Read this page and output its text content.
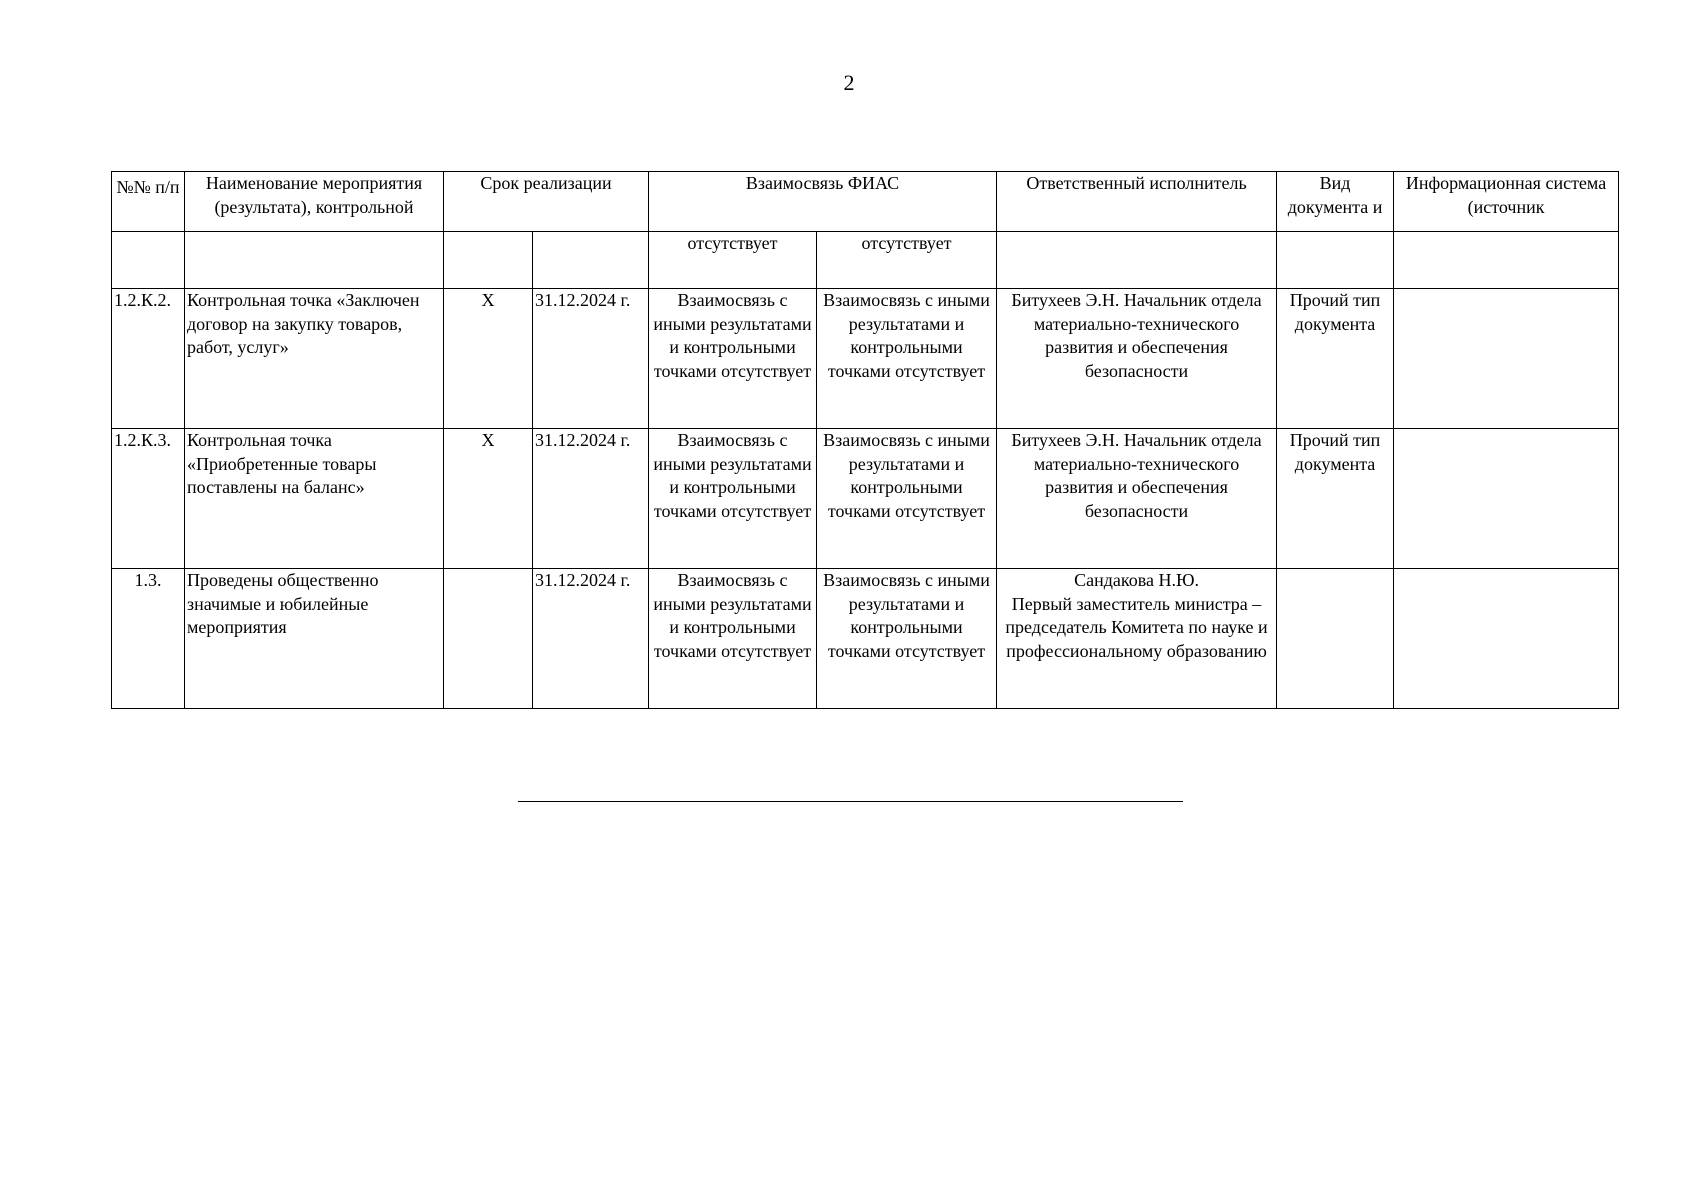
2
№№ п/п	Наименование мероприятия (результата), контрольной	Срок реализации		Взаимосвязь ФИАС		Ответственный исполнитель	Вид документа и	Информационная система (источник

				отсутствует	отсутствует			
1.2.К.2.	Контрольная точка «Заключен договор на закупку товаров, работ, услуг»	X	31.12.2024 г.	Взаимосвязь с иными результатами и контрольными точками отсутствует	Взаимосвязь с иными результатами и контрольными точками отсутствует	Битухеев Э.Н. Начальник отдела материально-технического развития и обеспечения безопасности	Прочий тип документа	
1.2.К.3.	Контрольная точка «Приобретенные товары поставлены на баланс»	X	31.12.2024 г.	Взаимосвязь с иными результатами и контрольными точками отсутствует	Взаимосвязь с иными результатами и контрольными точками отсутствует	Битухеев Э.Н. Начальник отдела материально-технического развития и обеспечения безопасности	Прочий тип документа	
1.3.	Проведены общественно значимые и юбилейные мероприятия		31.12.2024 г.	Взаимосвязь с иными результатами и контрольными точками отсутствует	Взаимосвязь с иными результатами и контрольными точками отсутствует	Сандакова Н.Ю.
Первый заместитель министра – председатель Комитета по науке и профессиональному образованию		
